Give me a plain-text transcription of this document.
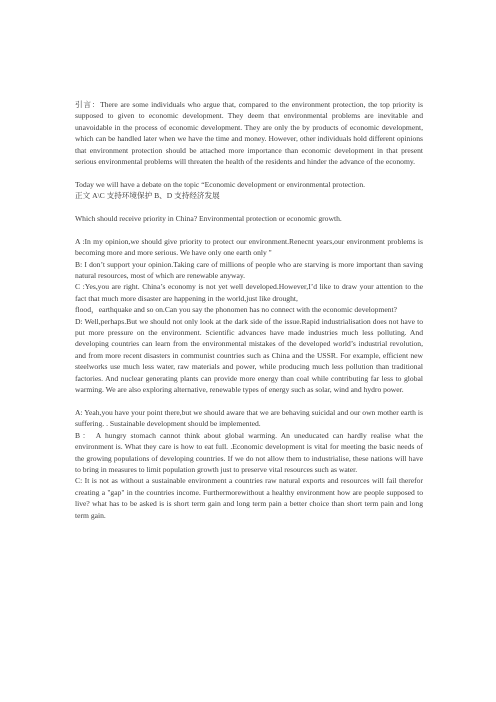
引言：There are some individuals who argue that, compared to the environment protection, the top priority is supposed to given to economic development. They deem that environmental problems are inevitable and unavoidable in the process of economic development. They are only the by products of economic development, which can be handled later when we have the time and money. However, other individuals hold different opinions that environment protection should be attached more importance than economic development in that present serious environmental problems will threaten the health of the residents and hinder the advance of the economy.

Today we will have a debate on the topic “Economic development or environmental protection.

正文 A\C 支持环境保护 B、D 支持经济发展

Which should receive priority in China? Environmental protection or economic growth.

A :In my opinion,we should give priority to protect our environment.Renecnt years,our environment problems is becoming more and more serious. We have only one earth only "

B: I don’t support your opinion.Taking care of millions of people who are starving is more important than saving natural resources, most of which are renewable anyway.

C :Yes,you are right. China’s economy is not yet well developed.However,I’d like to draw your attention to the fact that much more disaster are happening in the world,just like drought,
flood，earthquake and so on.Can you say the phonomen has no connect with the economic development?

D: Well,perhaps.But we should not only look at the dark side of the issue.Rapid industrialisation does not have to put more pressure on the environment. Scientific advances have made industries much less polluting. And developing countries can learn from the environmental mistakes of the developed world’s industrial revolution, and from more recent disasters in communist countries such as China and the USSR. For example, efficient new steelworks use much less water, raw materials and power, while producing much less pollution than traditional factories. And nuclear generating plants can provide more energy than coal while contributing far less to global warming. We are also exploring alternative, renewable types of energy such as solar, wind and hydro power.

A: Yeah,you have your point there,but we should aware that we are behaving suicidal and our own mother earth is suffering. . Sustainable development should be implemented.

B： A hungry stomach cannot think about global warming. An uneducated can hardly realise what the environment is. What they care is how to eat full. .Economic development is vital for meeting the basic needs of the growing populations of developing countries. If we do not allow them to industrialise, these nations will have to bring in measures to limit population growth just to preserve vital resources such as water.

C: It is not as without a sustainable environment a countries raw natural exports and resources will fail therefor creating a "gap" in the countries income. Furthermorewithout a healthy environment how are people supposed to live? what has to be asked is is short term gain and long term pain a better choice than short term pain and long term gain.
